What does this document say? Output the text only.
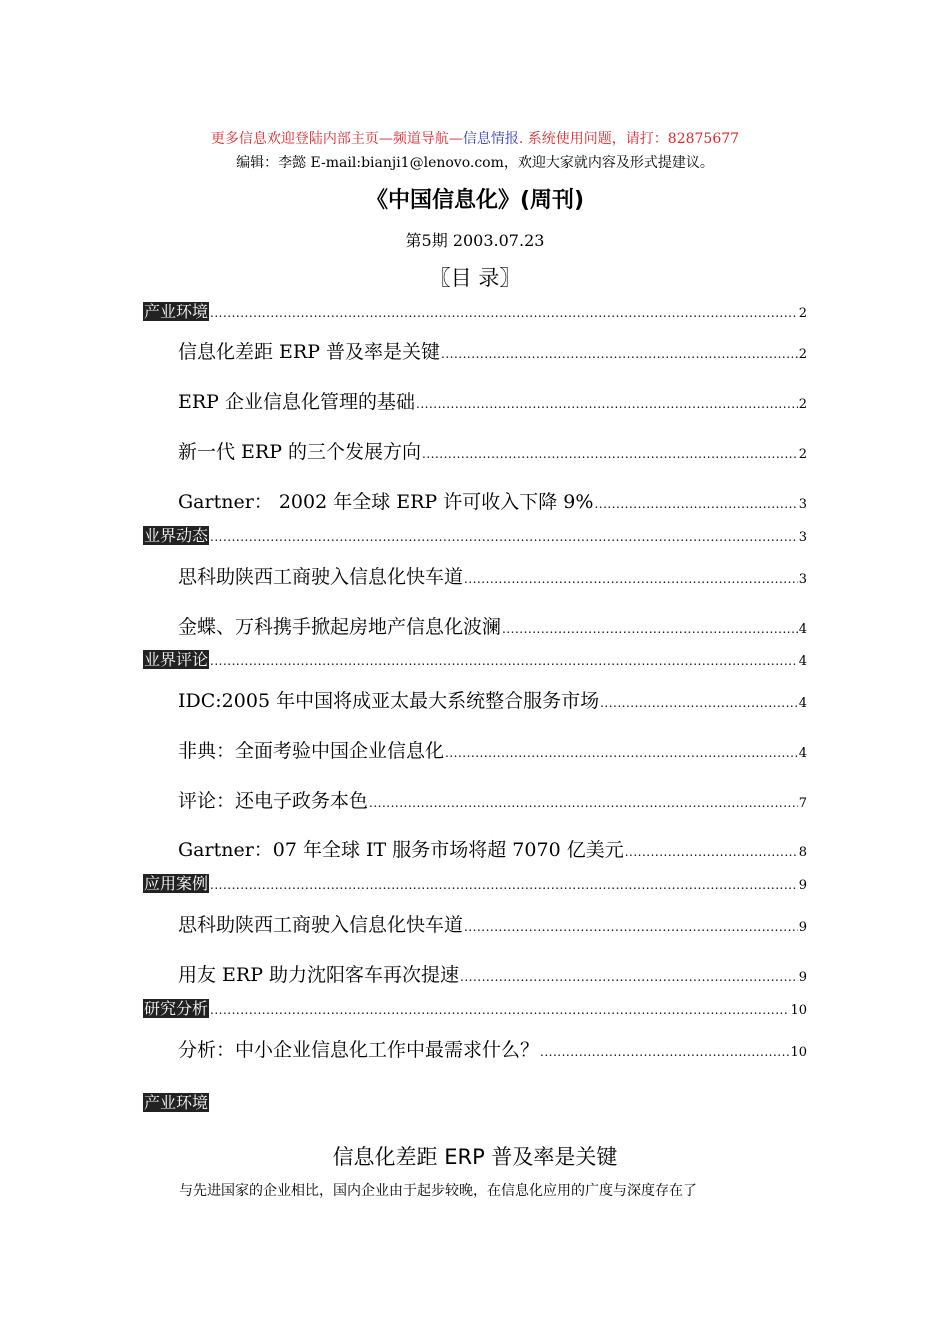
更多信息欢迎登陆内部主页—频道导航—信息情报. 系统使用问题，请打：82875677
编辑：李懿 E-mail:bianji1@lenovo.com，欢迎大家就内容及形式提建议。
《中国信息化》(周刊)
第5期 2003.07.23
〖目 录〗
产业环境 .....	2
信息化差距 ERP 普及率是关键 .....	2
ERP 企业信息化管理的基础 .....	2
新一代 ERP 的三个发展方向 .....	2
Gartner： 2002 年全球 ERP 许可收入下降 9% .....	3
业界动态 .....	3
思科助陕西工商驶入信息化快车道 .....	3
金蝶、万科携手掀起房地产信息化波澜 .....	4
业界评论 .....	4
IDC:2005 年中国将成亚太最大系统整合服务市场 .....	4
非典：全面考验中国企业信息化 .....	4
评论：还电子政务本色 .....	7
Gartner：07 年全球 IT 服务市场将超 7070 亿美元 .....	8
应用案例 .....	9
思科助陕西工商驶入信息化快车道 .....	9
用友 ERP 助力沈阳客车再次提速 .....	9
研究分析 .....	10
分析：中小企业信息化工作中最需求什么？ .....	10
产业环境
信息化差距 ERP 普及率是关键
与先进国家的企业相比，国内企业由于起步较晚，在信息化应用的广度与深度存在了
